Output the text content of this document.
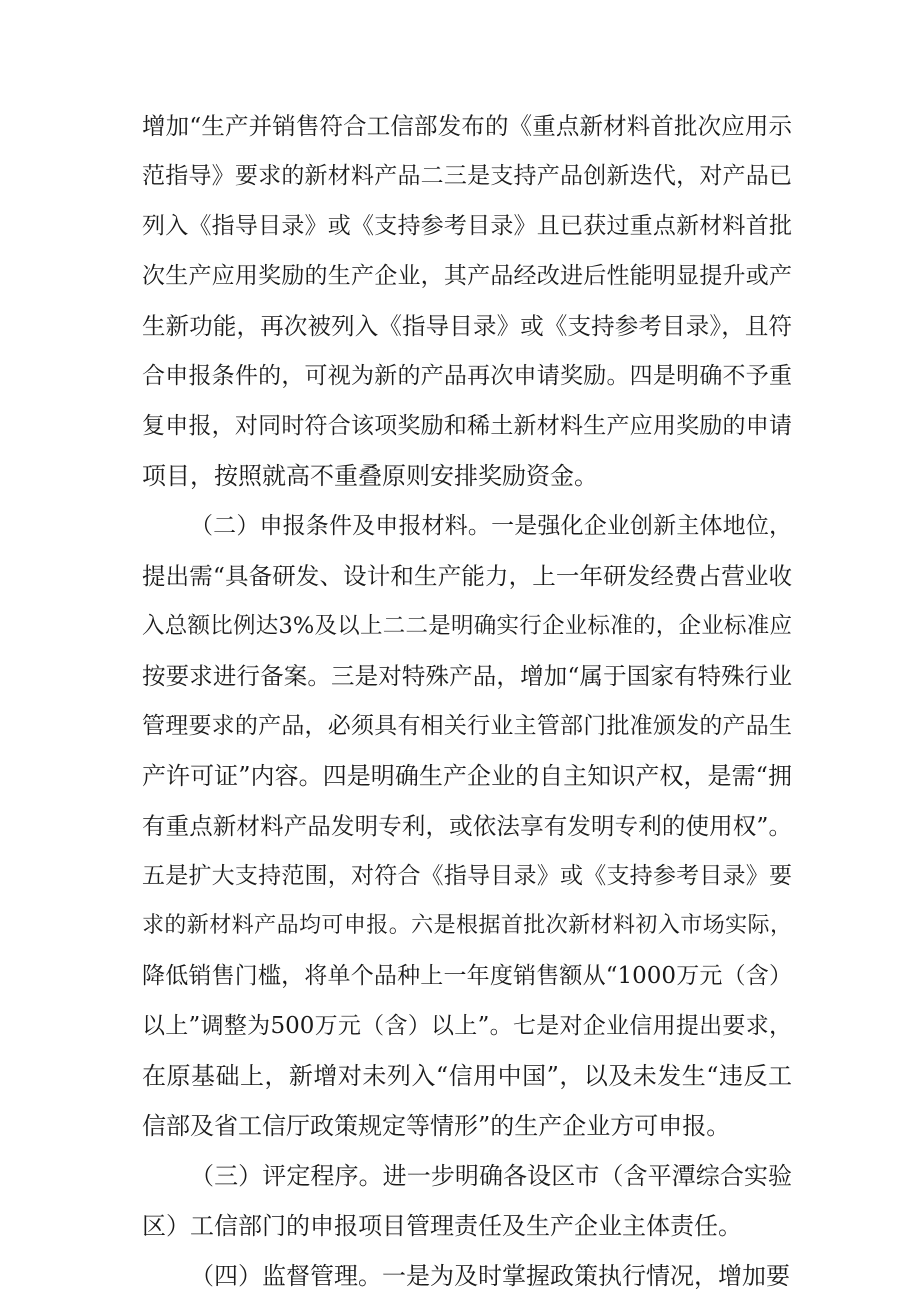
增加“生产并销售符合工信部发布的《重点新材料首批次应用示
范指导》要求的新材料产品二三是支持产品创新迭代，对产品已
列入《指导目录》或《支持参考目录》且已获过重点新材料首批
次生产应用奖励的生产企业，其产品经改进后性能明显提升或产
生新功能，再次被列入《指导目录》或《支持参考目录》，且符
合申报条件的，可视为新的产品再次申请奖励。四是明确不予重
复申报，对同时符合该项奖励和稀土新材料生产应用奖励的申请
项目，按照就高不重叠原则安排奖励资金。
（二）申报条件及申报材料。一是强化企业创新主体地位，
提出需“具备研发、设计和生产能力，上一年研发经费占营业收
入总额比例达3%及以上二二是明确实行企业标准的，企业标准应
按要求进行备案。三是对特殊产品，增加“属于国家有特殊行业
管理要求的产品，必须具有相关行业主管部门批准颁发的产品生
产许可证”内容。四是明确生产企业的自主知识产权，是需“拥
有重点新材料产品发明专利，或依法享有发明专利的使用权”。
五是扩大支持范围，对符合《指导目录》或《支持参考目录》要
求的新材料产品均可申报。六是根据首批次新材料初入市场实际，
降低销售门槛，将单个品种上一年度销售额从“1000万元（含）
以上”调整为500万元（含）以上”。七是对企业信用提出要求，
在原基础上，新增对未列入“信用中国”，以及未发生“违反工
信部及省工信厅政策规定等情形”的生产企业方可申报。
（三）评定程序。进一步明确各设区市（含平潭综合实验
区）工信部门的申报项目管理责任及生产企业主体责任。
（四）监督管理。一是为及时掌握政策执行情况，增加要
